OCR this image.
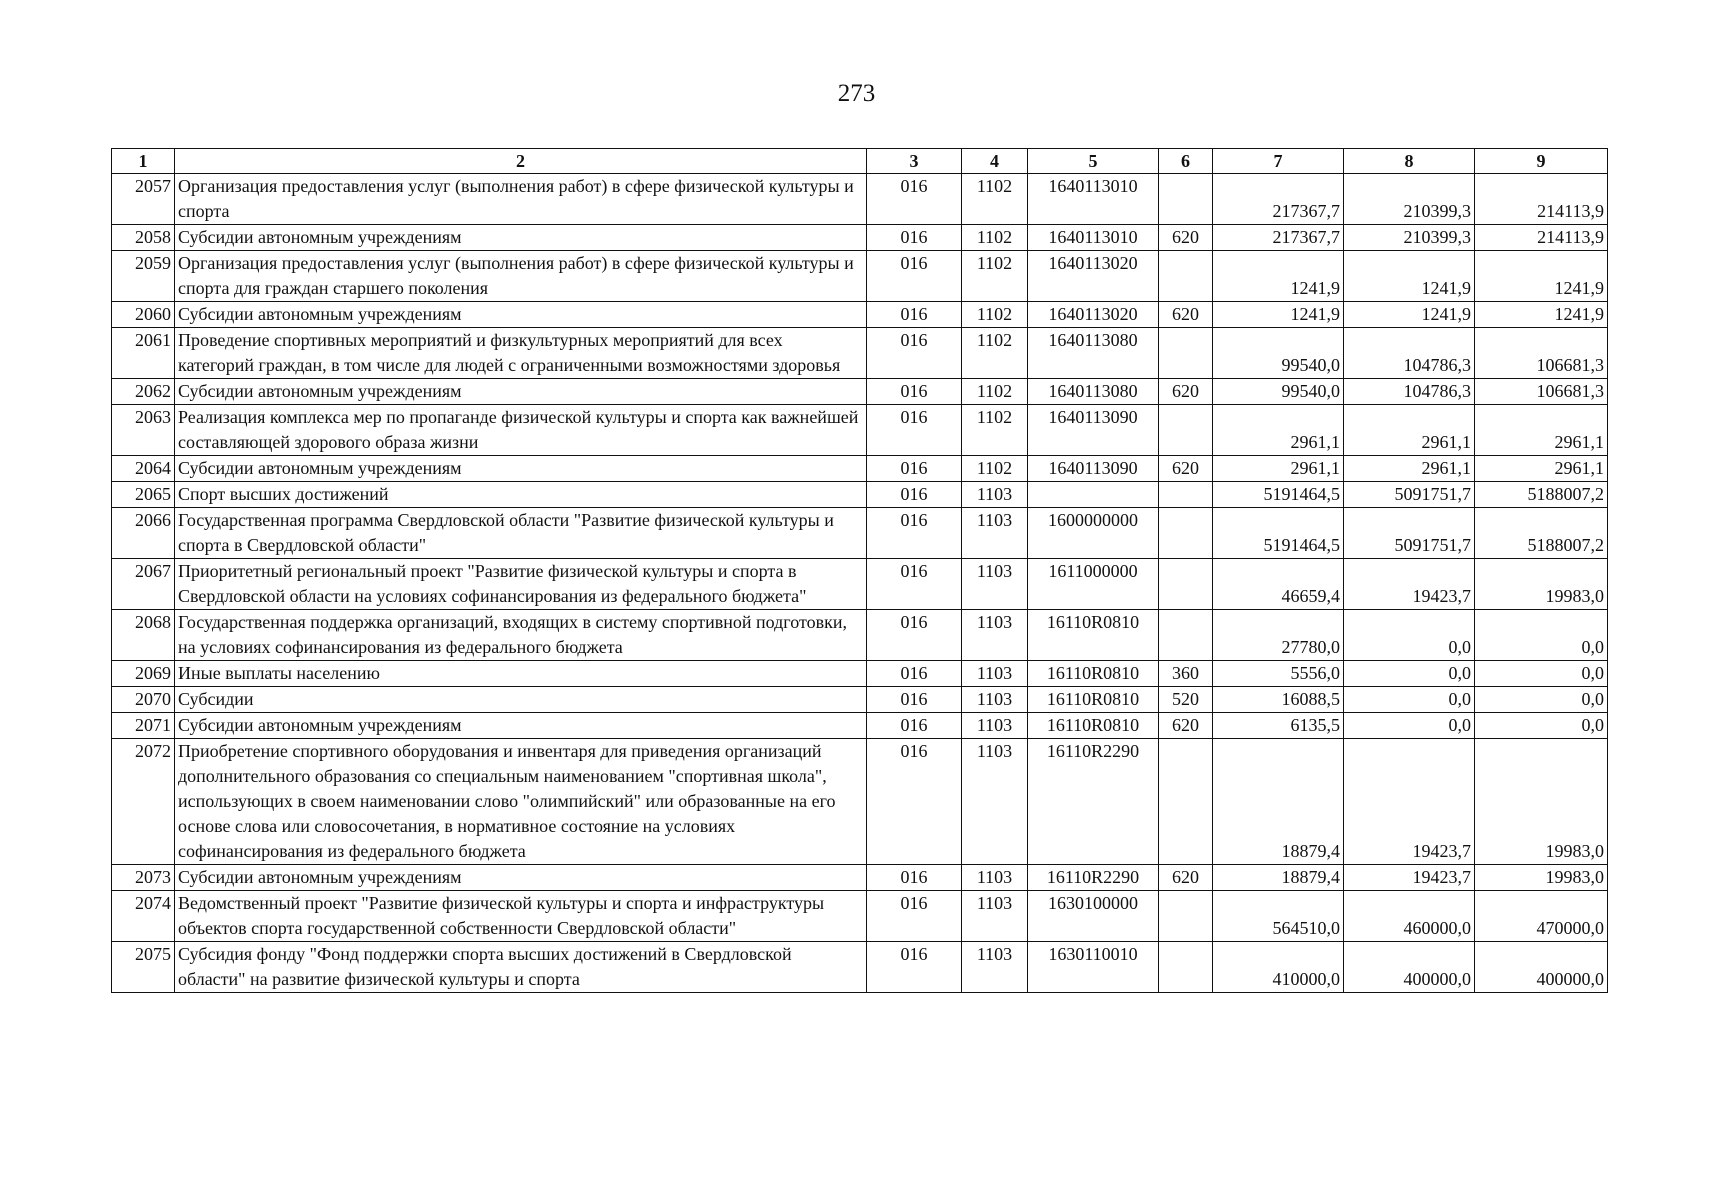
273
1	2	3	4	5	6	7	8	9
2057	Организация предоставления услуг (выполнения работ) в сфере физической культуры и спорта	016	1102	1640113010		217367,7	210399,3	214113,9
2058	Субсидии автономным учреждениям	016	1102	1640113010	620	217367,7	210399,3	214113,9
2059	Организация предоставления услуг (выполнения работ) в сфере физической культуры и спорта для граждан старшего поколения	016	1102	1640113020		1241,9	1241,9	1241,9
2060	Субсидии автономным учреждениям	016	1102	1640113020	620	1241,9	1241,9	1241,9
2061	Проведение спортивных мероприятий и физкультурных мероприятий для всех категорий граждан, в том числе для людей с ограниченными возможностями здоровья	016	1102	1640113080		99540,0	104786,3	106681,3
2062	Субсидии автономным учреждениям	016	1102	1640113080	620	99540,0	104786,3	106681,3
2063	Реализация комплекса мер по пропаганде физической культуры и спорта как важнейшей составляющей здорового образа жизни	016	1102	1640113090		2961,1	2961,1	2961,1
2064	Субсидии автономным учреждениям	016	1102	1640113090	620	2961,1	2961,1	2961,1
2065	Спорт высших достижений	016	1103			5191464,5	5091751,7	5188007,2
2066	Государственная программа Свердловской области "Развитие физической культуры и спорта в Свердловской области"	016	1103	1600000000		5191464,5	5091751,7	5188007,2
2067	Приоритетный региональный проект "Развитие физической культуры и спорта в Свердловской области на условиях софинансирования из федерального бюджета"	016	1103	1611000000		46659,4	19423,7	19983,0
2068	Государственная поддержка организаций, входящих в систему спортивной подготовки, на условиях софинансирования из федерального бюджета	016	1103	16110R0810		27780,0	0,0	0,0
2069	Иные выплаты населению	016	1103	16110R0810	360	5556,0	0,0	0,0
2070	Субсидии	016	1103	16110R0810	520	16088,5	0,0	0,0
2071	Субсидии автономным учреждениям	016	1103	16110R0810	620	6135,5	0,0	0,0
2072	Приобретение спортивного оборудования и инвентаря для приведения организаций дополнительного образования со специальным наименованием "спортивная школа", использующих в своем наименовании слово "олимпийский" или образованные на его основе слова или словосочетания, в нормативное состояние на условиях софинансирования из федерального бюджета	016	1103	16110R2290		18879,4	19423,7	19983,0
2073	Субсидии автономным учреждениям	016	1103	16110R2290	620	18879,4	19423,7	19983,0
2074	Ведомственный проект "Развитие физической культуры и спорта и инфраструктуры объектов спорта государственной собственности Свердловской области"	016	1103	1630100000		564510,0	460000,0	470000,0
2075	Субсидия фонду "Фонд поддержки спорта высших достижений в Свердловской области" на развитие физической культуры и спорта	016	1103	1630110010		410000,0	400000,0	400000,0
